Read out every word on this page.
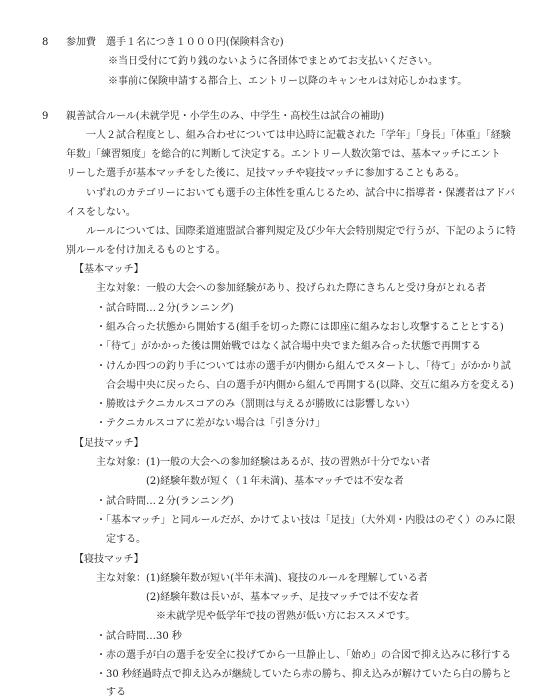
8 参加費　選手１名につき１０００円(保険料含む)
※当日受付にて釣り銭のないように各団体でまとめてお支払いください。
※事前に保険申請する都合上、エントリー以降のキャンセルは対応しかねます。
9 親善試合ルール(未就学児・小学生のみ、中学生・高校生は試合の補助)
一人２試合程度とし、組み合わせについては申込時に記載された「学年」「身長」「体重」「経験
年数」「練習頻度」を総合的に判断して決定する。エントリー人数次第では、基本マッチにエント
リーした選手が基本マッチをした後に、足技マッチや寝技マッチに参加することもある。
いずれのカテゴリーにおいても選手の主体性を重んじるため、試合中に指導者・保護者はアドバ
イスをしない。
ルールについては、国際柔道連盟試合審判規定及び少年大会特別規定で行うが、下記のように特
別ルールを付け加えるものとする。
【基本マッチ】
主な対象：一般の大会への参加経験があり、投げられた際にきちんと受け身がとれる者
・試合時間…２分(ランニング)
・組み合った状態から開始する(組手を切った際には即座に組みなおし攻撃することとする)
・「待て」がかかった後は開始戦ではなく試合場中央でまた組み合った状態で再開する
・けんか四つの釣り手については赤の選手が内側から組んでスタートし、「待て」がかかり試
　合会場中央に戻ったら、白の選手が内側から組んで再開する(以降、交互に組み方を変える)
・勝敗はテクニカルスコアのみ（罰則は与えるが勝敗には影響しない）
・テクニカルスコアに差がない場合は「引き分け」
【足技マッチ】
主な対象：(1)一般の大会への参加経験はあるが、技の習熟が十分でない者
(2)経験年数が短く（１年未満)、基本マッチでは不安な者
・試合時間…２分(ランニング)
・「基本マッチ」と同ルールだが、かけてよい技は「足技」（大外刈・内股はのぞく）のみに限
　定する。
【寝技マッチ】
主な対象：(1)経験年数が短い(半年未満)、寝技のルールを理解している者
(2)経験年数は長いが、基本マッチ、足技マッチでは不安な者
※未就学児や低学年で技の習熟が低い方におススメです。
・試合時間…30 秒
・赤の選手が白の選手を安全に投げてから一旦静止し、「始め」の合図で抑え込みに移行する
・30 秒経過時点で抑え込みが継続していたら赤の勝ち、抑え込みが解けていたら白の勝ちと
　する
